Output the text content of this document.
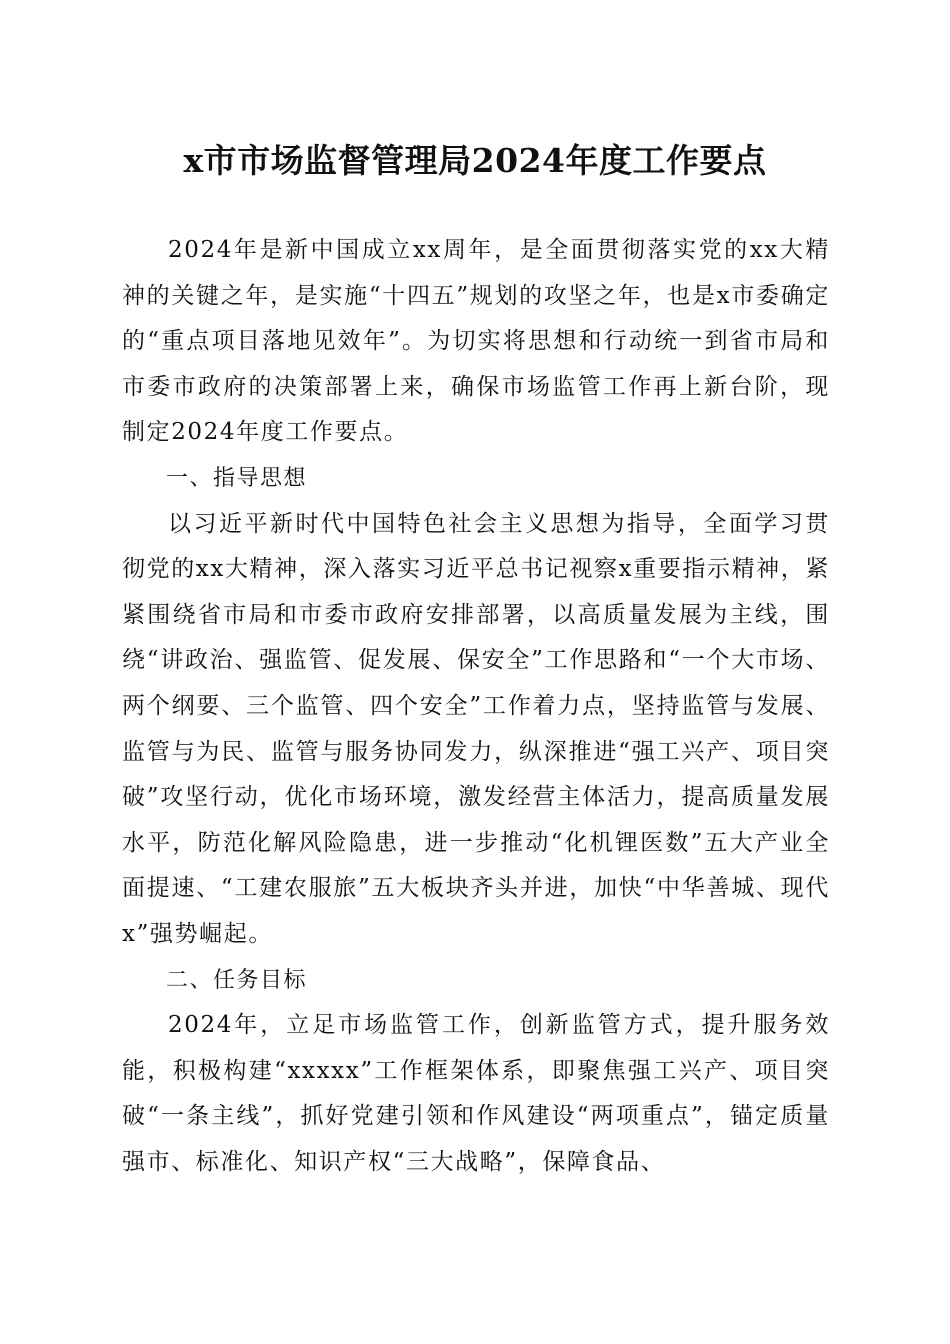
x市市场监督管理局2024年度工作要点

2024年是新中国成立xx周年，是全面贯彻落实党的xx大精神的关键之年，是实施“十四五”规划的攻坚之年，也是x市委确定的“重点项目落地见效年”。为切实将思想和行动统一到省市局和市委市政府的决策部署上来，确保市场监管工作再上新台阶，现制定2024年度工作要点。

一、指导思想

以习近平新时代中国特色社会主义思想为指导，全面学习贯彻党的xx大精神，深入落实习近平总书记视察x重要指示精神，紧紧围绕省市局和市委市政府安排部署，以高质量发展为主线，围绕“讲政治、强监管、促发展、保安全”工作思路和“一个大市场、两个纲要、三个监管、四个安全”工作着力点，坚持监管与发展、监管与为民、监管与服务协同发力，纵深推进“强工兴产、项目突破”攻坚行动，优化市场环境，激发经营主体活力，提高质量发展水平，防范化解风险隐患，进一步推动“化机锂医数”五大产业全面提速、“工建农服旅”五大板块齐头并进，加快“中华善城、现代x”强势崛起。

二、任务目标

2024年，立足市场监管工作，创新监管方式，提升服务效能，积极构建“xxxxx”工作框架体系，即聚焦强工兴产、项目突破“一条主线”，抓好党建引领和作风建设“两项重点”，锚定质量强市、标准化、知识产权“三大战略”，保障食品、
